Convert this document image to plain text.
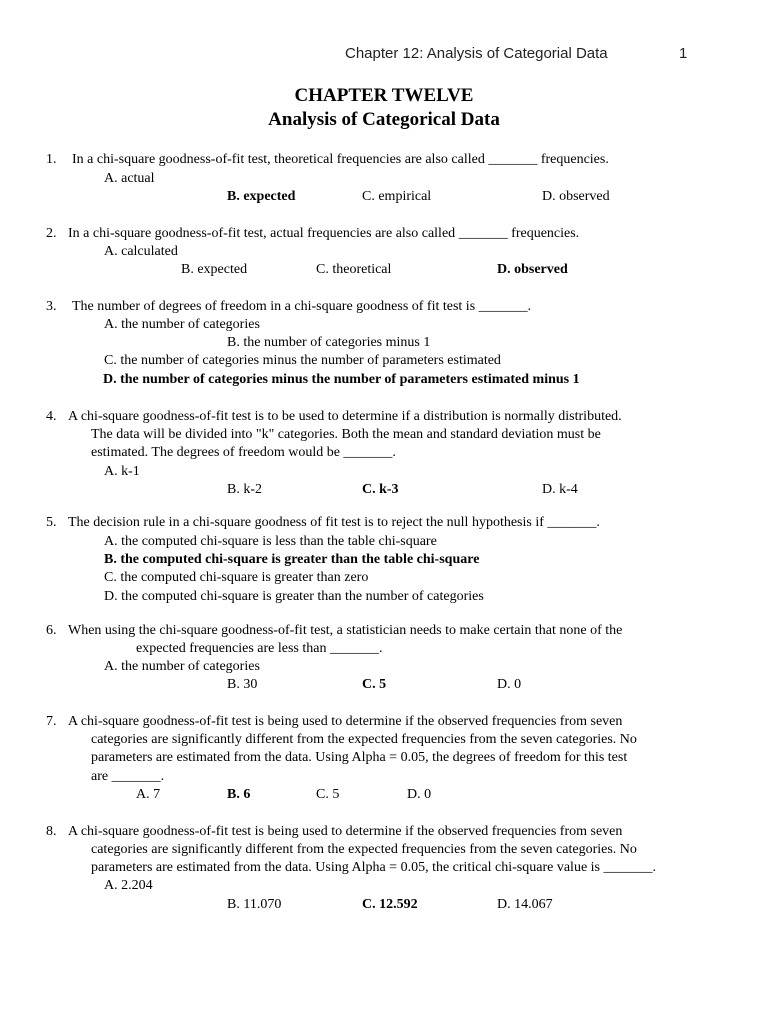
Chapter 12: Analysis of Categorial Data	1
CHAPTER TWELVE
Analysis of Categorical Data
1. In a chi-square goodness-of-fit test, theoretical frequencies are also called _______ frequencies.
A. actual
B. expected	C. empirical	D. observed
2. In a chi-square goodness-of-fit test, actual frequencies are also called _______ frequencies.
A. calculated
B. expected	C. theoretical	D. observed
3. The number of degrees of freedom in a chi-square goodness of fit test is _______.
A. the number of categories
B. the number of categories minus 1
C. the number of categories minus the number of parameters estimated
D. the number of categories minus the number of parameters estimated minus 1
4. A chi-square goodness-of-fit test is to be used to determine if a distribution is normally distributed.
The data will be divided into "k" categories. Both the mean and standard deviation must be
estimated. The degrees of freedom would be _______.
A. k-1
B. k-2	C. k-3	D. k-4
5. The decision rule in a chi-square goodness of fit test is to reject the null hypothesis if _______.
A. the computed chi-square is less than the table chi-square
B. the computed chi-square is greater than the table chi-square
C. the computed chi-square is greater than zero
D. the computed chi-square is greater than the number of categories
6. When using the chi-square goodness-of-fit test, a statistician needs to make certain that none of the
expected frequencies are less than _______.
A. the number of categories
B. 30	C. 5	D. 0
7. A chi-square goodness-of-fit test is being used to determine if the observed frequencies from seven
categories are significantly different from the expected frequencies from the seven categories. No
parameters are estimated from the data. Using Alpha = 0.05, the degrees of freedom for this test
are _______.
A. 7	B. 6	C. 5	D. 0
8. A chi-square goodness-of-fit test is being used to determine if the observed frequencies from seven
categories are significantly different from the expected frequencies from the seven categories. No
parameters are estimated from the data. Using Alpha = 0.05, the critical chi-square value is _______.
A. 2.204
B. 11.070	C. 12.592	D. 14.067
